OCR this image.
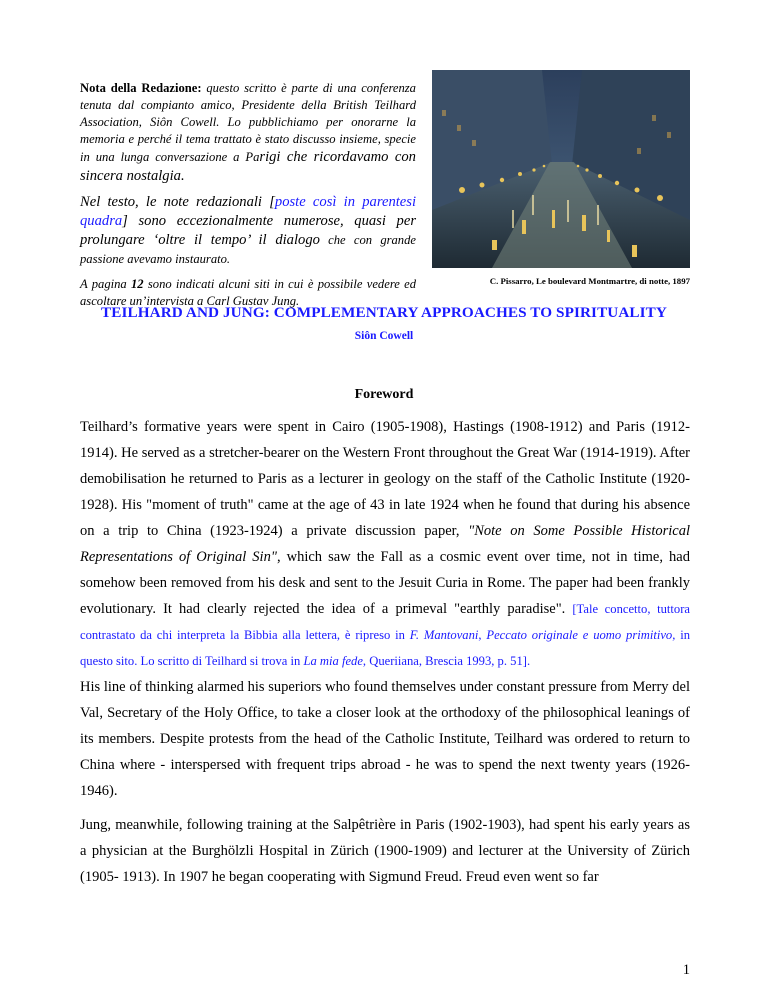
Nota della Redazione: questo scritto è parte di una conferenza tenuta dal compianto amico, Presidente della British Teilhard Association, Siôn Cowell. Lo pubblichiamo per onorarne la memoria e perché il tema trattato è stato discusso insieme, specie in una lunga conversazione a Parigi che ricordavamo con sincera nostalgia.

Nel testo, le note redazionali [poste così in parentesi quadra] sono eccezionalmente numerose, quasi per prolungare ‘oltre il tempo’ il dialogo che con grande passione avevamo instaurato.

A pagina 12 sono indicati alcuni siti in cui è possibile vedere ed ascoltare un’intervista a Carl Gustav Jung.

C. Pissarro, Le boulevard Montmartre, di notte, 1897
TEILHARD AND JUNG: COMPLEMENTARY APPROACHES TO SPIRITUALITY
Siôn Cowell
Foreword

Teilhard’s formative years were spent in Cairo (1905-1908), Hastings (1908-1912) and Paris (1912-1914). He served as a stretcher-bearer on the Western Front throughout the Great War (1914-1919). After demobilisation he returned to Paris as a lecturer in geology on the staff of the Catholic Institute (1920- 1928). His "moment of truth" came at the age of 43 in late 1924 when he found that during his absence on a trip to China (1923-1924) a private discussion paper, "Note on Some Possible Historical Representations of Original Sin", which saw the Fall as a cosmic event over time, not in time, had somehow been removed from his desk and sent to the Jesuit Curia in Rome. The paper had been frankly evolutionary. It had clearly rejected the idea of a primeval "earthly paradise". [Tale concetto, tuttora contrastato da chi interpreta la Bibbia alla lettera, è ripreso in F. Mantovani, Peccato originale e uomo primitivo, in questo sito. Lo scritto di Teilhard si trova in La mia fede, Queriiana, Brescia 1993, p. 51].

His line of thinking alarmed his superiors who found themselves under constant pressure from Merry del Val, Secretary of the Holy Office, to take a closer look at the orthodoxy of the philosophical leanings of its members. Despite protests from the head of the Catholic Institute, Teilhard was ordered to return to China where - interspersed with frequent trips abroad - he was to spend the next twenty years (1926-1946).

Jung, meanwhile, following training at the Salpêtrière in Paris (1902-1903), had spent his early years as a physician at the Burghölzli Hospital in Zürich (1900-1909) and lecturer at the University of Zürich (1905- 1913). In 1907 he began cooperating with Sigmund Freud. Freud even went so far

1
